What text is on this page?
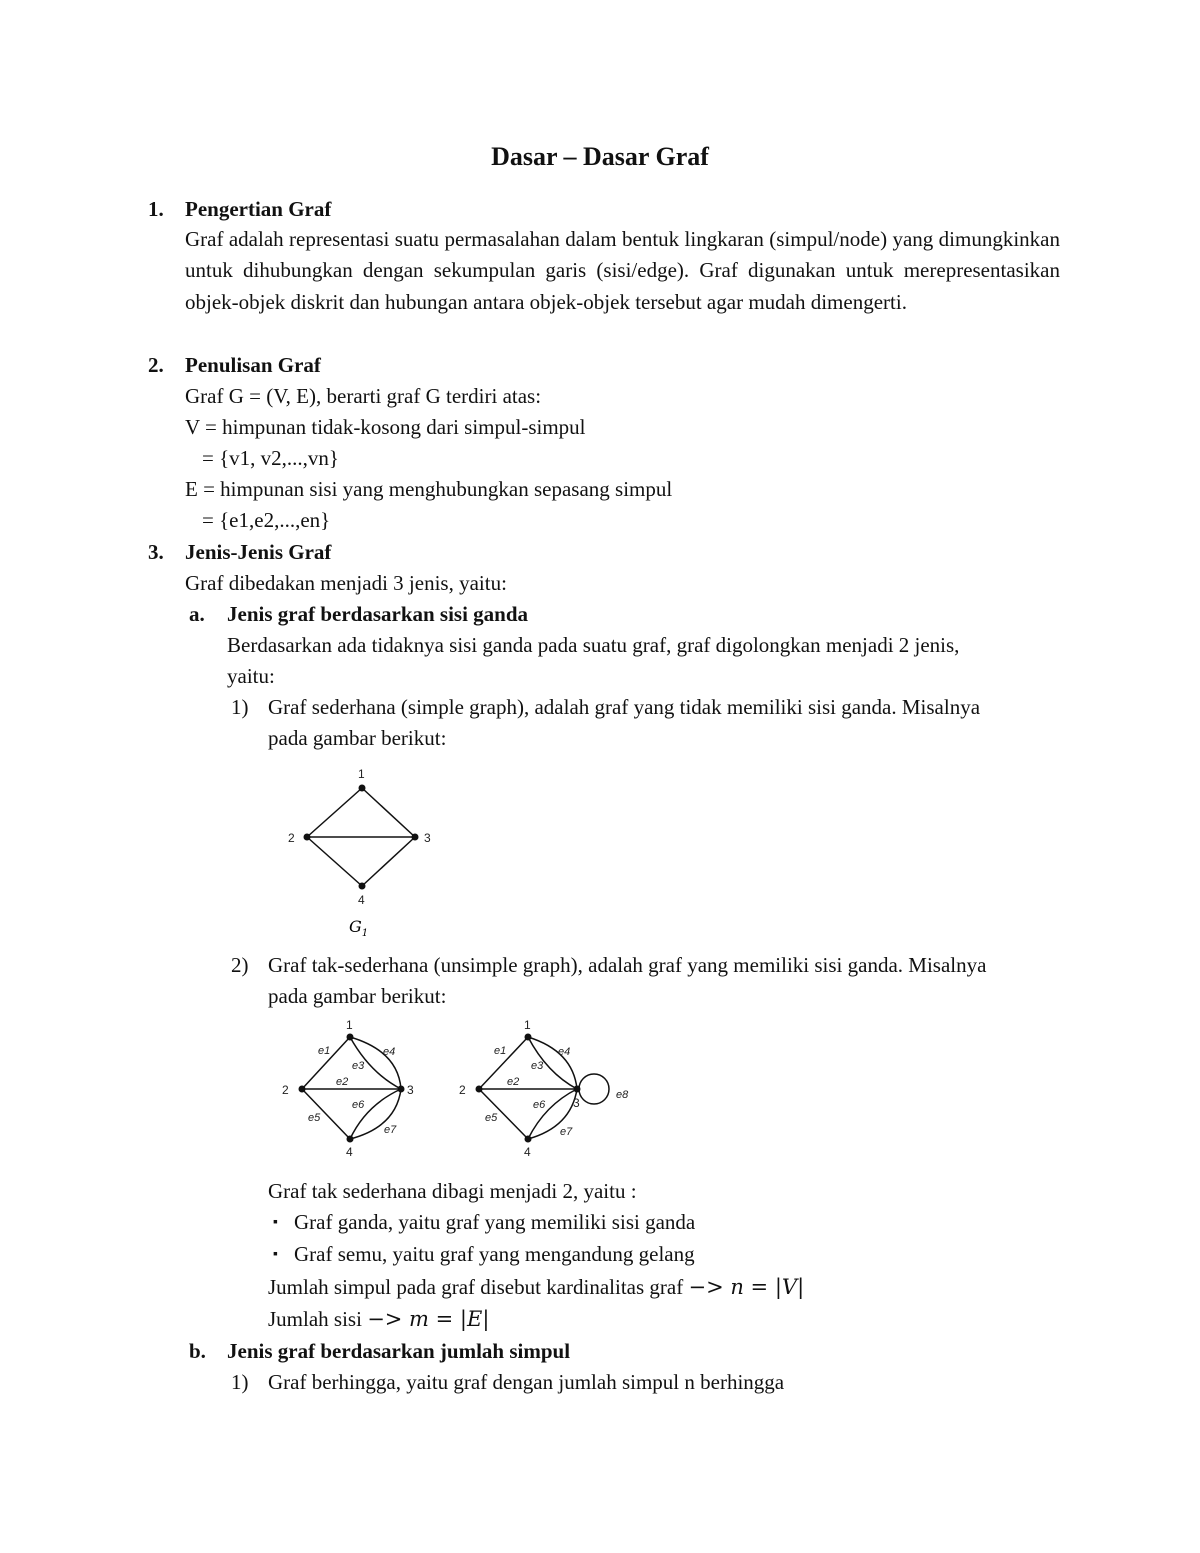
Dasar – Dasar Graf
1. Pengertian Graf
Graf adalah representasi suatu permasalahan dalam bentuk lingkaran (simpul/node) yang dimungkinkan untuk dihubungkan dengan sekumpulan garis (sisi/edge). Graf digunakan untuk merepresentasikan objek-objek diskrit dan hubungan antara objek-objek tersebut agar mudah dimengerti.
2. Penulisan Graf
Graf G = (V, E), berarti graf G terdiri atas:
V = himpunan tidak-kosong dari simpul-simpul
= {v1, v2,...,vn}
E = himpunan sisi yang menghubungkan sepasang simpul
= {e1,e2,...,en}
3. Jenis-Jenis Graf
Graf dibedakan menjadi 3 jenis, yaitu:
a. Jenis graf berdasarkan sisi ganda
Berdasarkan ada tidaknya sisi ganda pada suatu graf, graf digolongkan menjadi 2 jenis,
yaitu:
1) Graf sederhana (simple graph), adalah graf yang tidak memiliki sisi ganda. Misalnya
pada gambar berikut:
1
2	3
4
$G_1$
2) Graf tak-sederhana (unsimple graph), adalah graf yang memiliki sisi ganda. Misalnya
pada gambar berikut:
1
2	3
4
e1
e2
e3
e4
e5
e6
e7
1
2
3
4
e1
e2
e3
e4
e5
e6
e7
e8
Graf tak sederhana dibagi menjadi 2, yaitu :
▪ Graf ganda, yaitu graf yang memiliki sisi ganda
▪ Graf semu, yaitu graf yang mengandung gelang
Jumlah simpul pada graf disebut kardinalitas graf −> 𝑛 = |𝑉|
Jumlah sisi −> 𝑚 = |𝐸|
b. Jenis graf berdasarkan jumlah simpul
1) Graf berhingga, yaitu graf dengan jumlah simpul n berhingga
